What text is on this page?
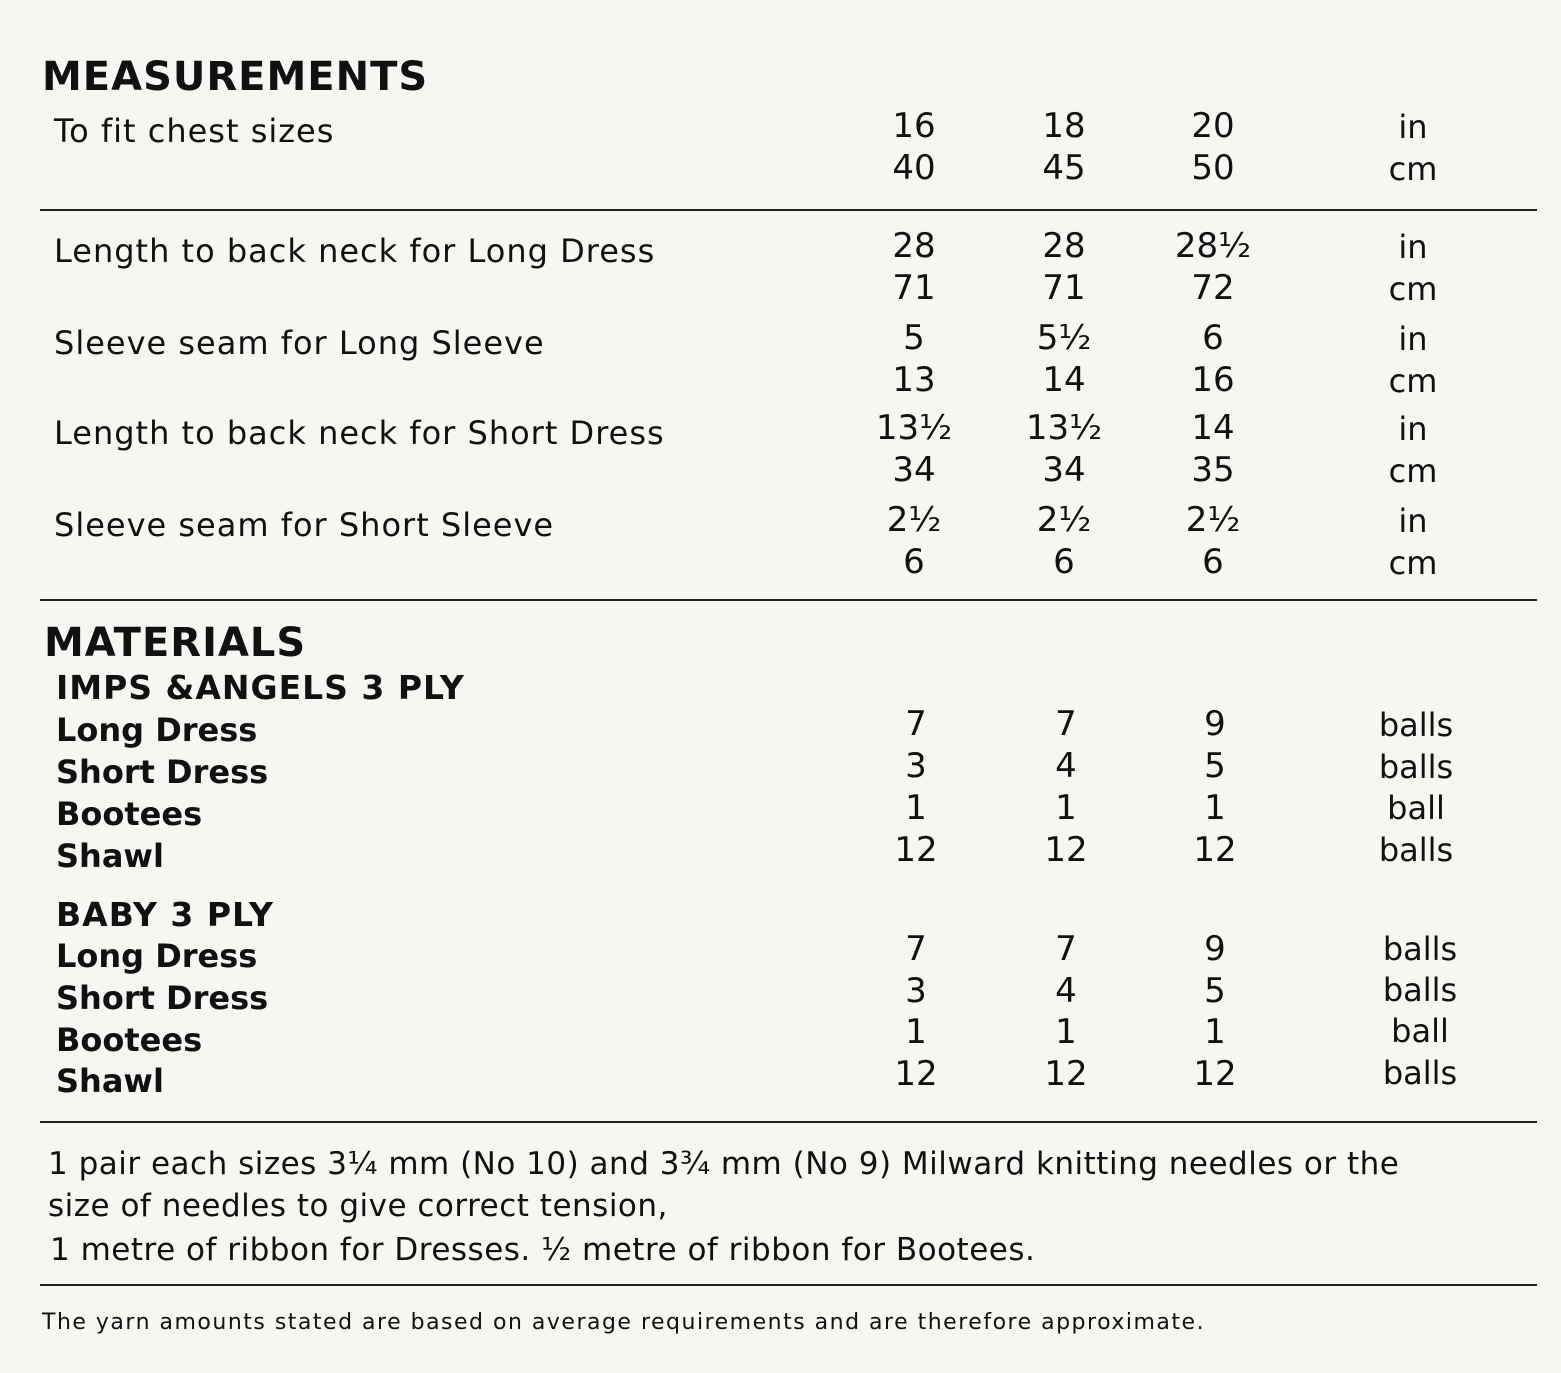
MEASUREMENTS
To fit chest sizes	16	18	20	in
40	45	50	cm
Length to back neck for Long Dress	28	28	28½	in
71	71	72	cm
Sleeve seam for Long Sleeve	5	5½	6	in
13	14	16	cm
Length to back neck for Short Dress	13½	13½	14	in
34	34	35	cm
Sleeve seam for Short Sleeve	2½	2½	2½	in
6	6	6	cm
MATERIALS
IMPS &ANGELS 3 PLY
Long Dress	7	7	9	balls
Short Dress	3	4	5	balls
Bootees	1	1	1	ball
Shawl	12	12	12	balls
BABY 3 PLY
Long Dress	7	7	9	balls
Short Dress	3	4	5	balls
Bootees	1	1	1	ball
Shawl	12	12	12	balls
1 pair each sizes 3¼ mm (No 10) and 3¾ mm (No 9) Milward knitting needles or the
size of needles to give correct tension,
1 metre of ribbon for Dresses. ½ metre of ribbon for Bootees.
The yarn amounts stated are based on average requirements and are therefore approximate.
